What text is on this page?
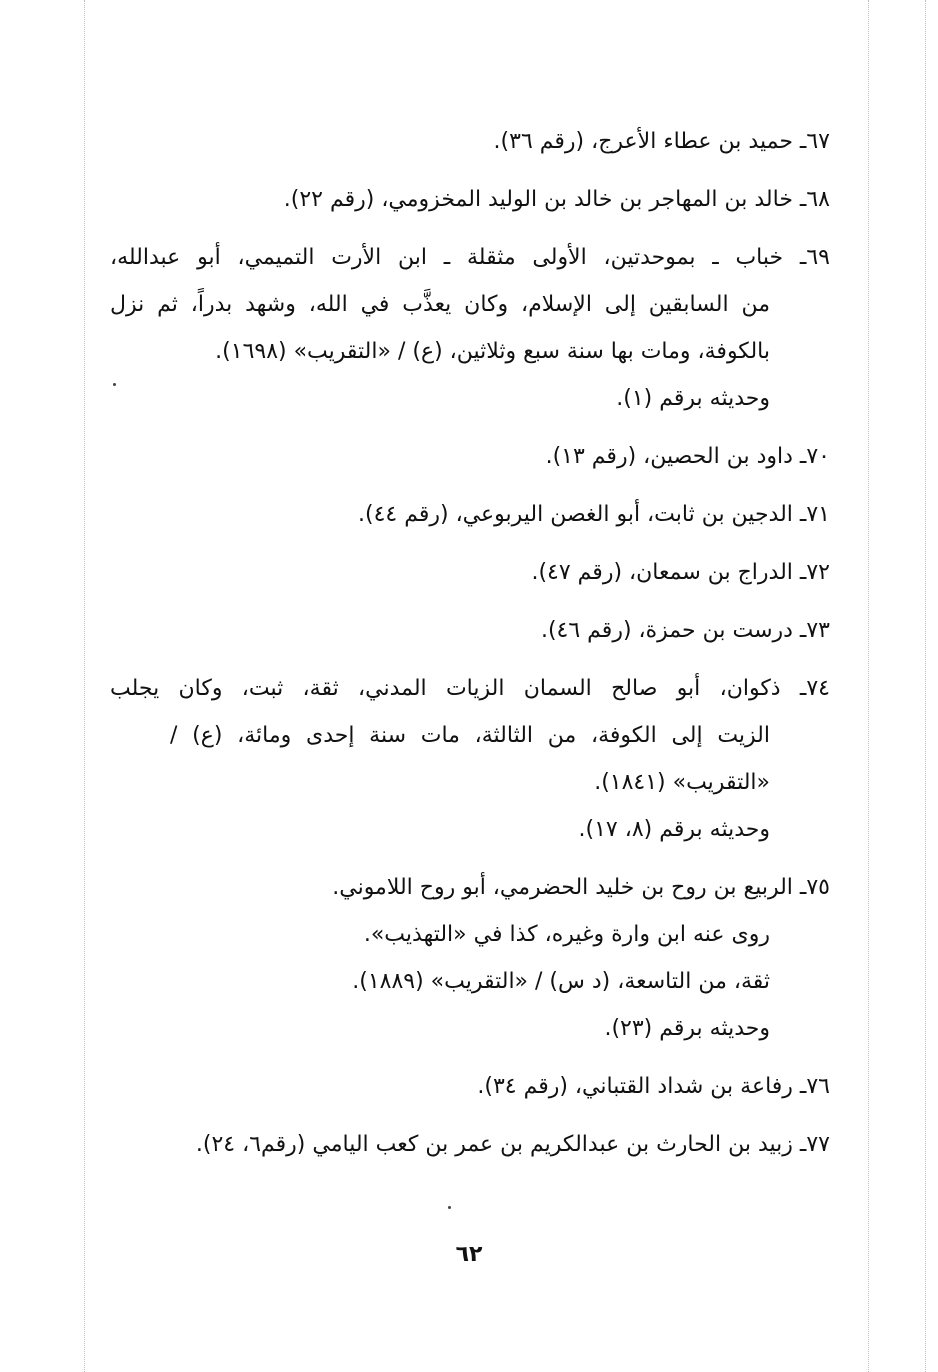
٦٧ـ حميد بن عطاء الأعرج، (رقم ٣٦).
٦٨ـ خالد بن المهاجر بن خالد بن الوليد المخزومي، (رقم ٢٢).
٦٩ـ خباب ـ بموحدتين، الأولى مثقلة ـ ابن الأرت التميمي، أبو عبدالله،
من السابقين إلى الإسلام، وكان يعذَّب في الله، وشهد بدراً، ثم نزل
بالكوفة، ومات بها سنة سبع وثلاثين، (ع) / «التقريب» (١٦٩٨).
وحديثه برقم (١).
٧٠ـ داود بن الحصين، (رقم ١٣).
٧١ـ الدجين بن ثابت، أبو الغصن اليربوعي، (رقم ٤٤).
٧٢ـ الدراج بن سمعان، (رقم ٤٧).
٧٣ـ درست بن حمزة، (رقم ٤٦).
٧٤ـ ذكوان، أبو صالح السمان الزيات المدني، ثقة، ثبت، وكان يجلب
الزيت إلى الكوفة، من الثالثة، مات سنة إحدى ومائة، (ع) /
«التقريب» (١٨٤١).
وحديثه برقم (٨، ١٧).
٧٥ـ الربيع بن روح بن خليد الحضرمي، أبو روح اللاموني.
روى عنه ابن وارة وغيره، كذا في «التهذيب».
ثقة، من التاسعة، (د س) / «التقريب» (١٨٨٩).
وحديثه برقم (٢٣).
٧٦ـ رفاعة بن شداد القتباني، (رقم ٣٤).
٧٧ـ زبيد بن الحارث بن عبدالكريم بن عمر بن كعب اليامي (رقم٦، ٢٤).
٦٢
